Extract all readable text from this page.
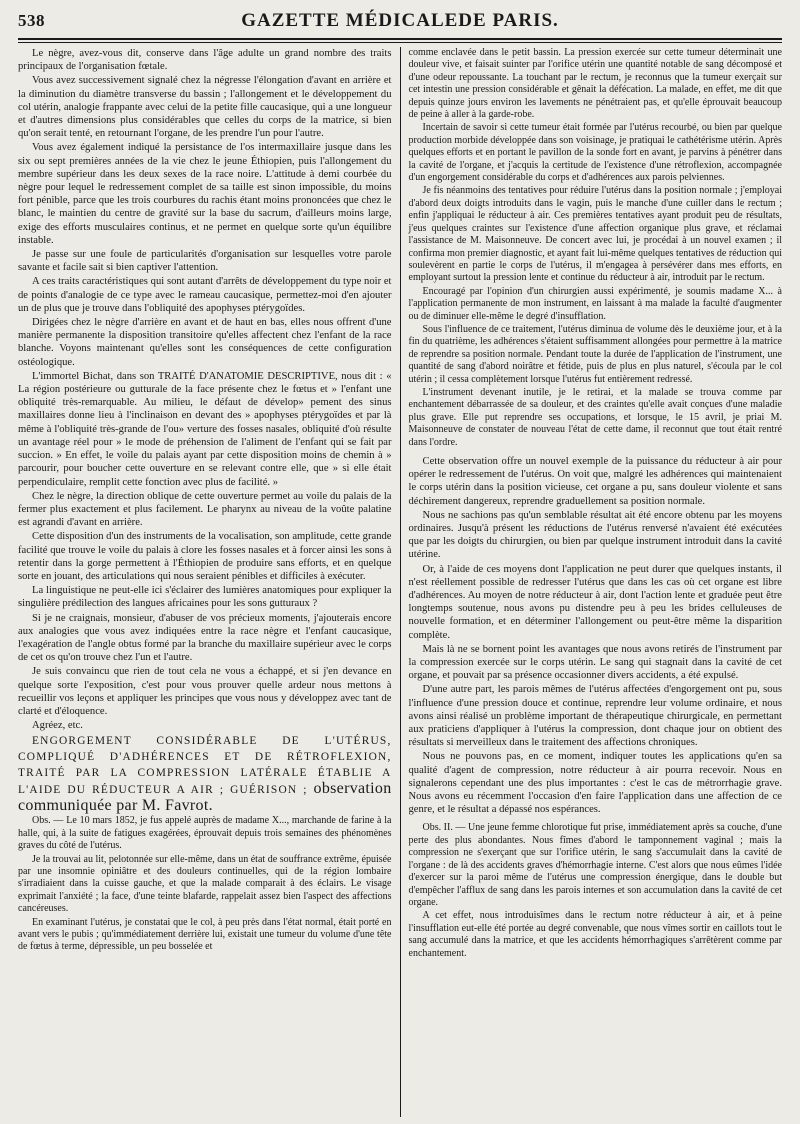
538	GAZETTE MÉDICALEDE PARIS.

Le nègre, avez-vous dit, conserve dans l'âge adulte un grand nombre des traits principaux de l'organisation fœtale.

Vous avez successivement signalé chez la négresse l'élongation d'avant en arrière et la diminution du diamètre transverse du bassin ; l'allongement et le développement du col utérin, analogie frappante avec celui de la petite fille caucasique, qui a une longueur et d'autres dimensions plus considérables que celles du corps de la matrice, si bien qu'on serait tenté, en retournant l'organe, de les prendre l'un pour l'autre.

Vous avez également indiqué la persistance de l'os intermaxillaire jusque dans les six ou sept premières années de la vie chez le jeune Éthiopien, puis l'allongement du membre supérieur dans les deux sexes de la race noire. L'attitude à demi courbée du nègre pour lequel le redressement complet de sa taille est sinon impossible, du moins fort pénible, parce que les trois courbures du rachis étant moins prononcées que chez le blanc, le maintien du centre de gravité sur la base du sacrum, d'ailleurs moins large, exige des efforts musculaires continus, et ne permet en quelque sorte qu'un équilibre instable.

Je passe sur une foule de particularités d'organisation sur lesquelles votre parole savante et facile sait si bien captiver l'attention.

A ces traits caractéristiques qui sont autant d'arrêts de développement du type noir et de points d'analogie de ce type avec le rameau caucasique, permettez-moi d'en ajouter un de plus que je trouve dans l'obliquité des apophyses ptérygoïdes.

Dirigées chez le nègre d'arrière en avant et de haut en bas, elles nous offrent d'une manière permanente la disposition transitoire qu'elles affectent chez l'enfant de la race blanche. Voyons maintenant qu'elles sont les conséquences de cette configuration ostéologique.

L'immortel Bichat, dans son TRAITÉ D'ANATOMIE DESCRIPTIVE, nous dit : « La région postérieure ou gutturale de la face présente chez le fœtus et » l'enfant une obliquité très-remarquable. Au milieu, le défaut de dévelop» pement des sinus maxillaires donne lieu à l'inclinaison en devant des » apophyses ptérygoïdes et par là même à l'obliquité très-grande de l'ou» verture des fosses nasales, obliquité d'où résulte un avantage réel pour » le mode de préhension de l'aliment de l'enfant qui se fait par succion. » En effet, le voile du palais ayant par cette disposition moins de chemin à » parcourir, pour boucher cette ouverture en se relevant contre elle, que » si elle était perpendiculaire, remplit cette fonction avec plus de facilité. »

Chez le nègre, la direction oblique de cette ouverture permet au voile du palais de la fermer plus exactement et plus facilement. Le pharynx au niveau de la voûte palatine est agrandi d'avant en arrière.

Cette disposition d'un des instruments de la vocalisation, son amplitude, cette grande facilité que trouve le voile du palais à clore les fosses nasales et à forcer ainsi les sons à retentir dans la gorge permettent à l'Éthiopien de produire sans efforts, et en quelque sorte en jouant, des articulations qui nous seraient pénibles et difficiles à exécuter.

La linguistique ne peut-elle ici s'éclairer des lumières anatomiques pour expliquer la singulière prédilection des langues africaines pour les sons gutturaux ?

Si je ne craignais, monsieur, d'abuser de vos précieux moments, j'ajouterais encore aux analogies que vous avez indiquées entre la race nègre et l'enfant caucasique, l'exagération de l'angle obtus formé par la branche du maxillaire supérieur avec le corps de cet os qu'on trouve chez l'un et l'autre.

Je suis convaincu que rien de tout cela ne vous a échappé, et si j'en devance en quelque sorte l'exposition, c'est pour vous prouver quelle ardeur nous mettons à recueillir vos leçons et appliquer les principes que vous nous y développez avec tant de clarté et d'éloquence.

Agréez, etc.

ENGORGEMENT CONSIDÉRABLE DE L'UTÉRUS, COMPLIQUÉ D'ADHÉRENCES ET DE RÉTROFLEXION, TRAITÉ PAR LA COMPRESSION LATÉRALE ÉTABLIE A L'AIDE DU RÉDUCTEUR A AIR ; GUÉRISON ; observation communiquée par M. Favrot.

Obs. — Le 10 mars 1852, je fus appelé auprès de madame X..., marchande de farine à la halle, qui, à la suite de fatigues exagérées, éprouvait depuis trois semaines des phénomènes graves du côté de l'utérus.

Je la trouvai au lit, pelotonnée sur elle-même, dans un état de souffrance extrême, épuisée par une insomnie opiniâtre et des douleurs continuelles, qui de la région lombaire s'irradiaient dans la cuisse gauche, et que la malade comparait à des éclairs. Le visage exprimait l'anxiété ; la face, d'une teinte blafarde, rappelait assez bien l'aspect des affections cancéreuses.

En examinant l'utérus, je constatai que le col, à peu près dans l'état normal, était porté en avant vers le pubis ; qu'immédiatement derrière lui, existait une tumeur du volume d'une tête de fœtus à terme, dépressible, un peu bosselée et

comme enclavée dans le petit bassin. La pression exercée sur cette tumeur déterminait une douleur vive, et faisait suinter par l'orifice utérin une quantité notable de sang décomposé et d'une odeur repoussante. La touchant par le rectum, je reconnus que la tumeur exerçait sur cet intestin une pression considérable et gênait la défécation. La malade, en effet, me dit que depuis quinze jours environ les lavements ne pénétraient pas, et qu'elle éprouvait beaucoup de peine à aller à la garde-robe.

Incertain de savoir si cette tumeur était formée par l'utérus recourbé, ou bien par quelque production morbide développée dans son voisinage, je pratiquai le cathétérisme utérin. Après quelques efforts et en portant le pavillon de la sonde fort en avant, je parvins à pénétrer dans la cavité de l'organe, et j'acquis la certitude de l'existence d'une rétroflexion, accompagnée d'un engorgement considérable du corps et d'adhérences aux parois pelviennes.

Je fis néanmoins des tentatives pour réduire l'utérus dans la position normale ; j'employai d'abord deux doigts introduits dans le vagin, puis le manche d'une cuiller dans le rectum ; enfin j'appliquai le réducteur à air. Ces premières tentatives ayant produit peu de résultats, j'eus quelques craintes sur l'existence d'une affection organique plus grave, et réclamai l'assistance de M. Maisonneuve. De concert avec lui, je procédai à un nouvel examen ; il confirma mon premier diagnostic, et ayant fait lui-même quelques tentatives de réduction qui soulevèrent en partie le corps de l'utérus, il m'engagea à persévérer dans mes efforts, en employant surtout la pression lente et continue du réducteur à air, introduit par le rectum.

Encouragé par l'opinion d'un chirurgien aussi expérimenté, je soumis madame X... à l'application permanente de mon instrument, en laissant à ma malade la faculté d'augmenter ou de diminuer elle-même le degré d'insufflation.

Sous l'influence de ce traitement, l'utérus diminua de volume dès le deuxième jour, et à la fin du quatrième, les adhérences s'étaient suffisamment allongées pour permettre à la matrice de reprendre sa position normale. Pendant toute la durée de l'application de l'instrument, une quantité de sang d'abord noirâtre et fétide, puis de plus en plus naturel, s'écoula par le col utérin ; il cessa complètement lorsque l'utérus fut entièrement redressé.

L'instrument devenant inutile, je le retirai, et la malade se trouva comme par enchantement débarrassée de sa douleur, et des craintes qu'elle avait conçues d'une maladie plus grave. Elle put reprendre ses occupations, et lorsque, le 15 avril, je priai M. Maisonneuve de constater de nouveau l'état de cette dame, il reconnut que tout était rentré dans l'ordre.

Cette observation offre un nouvel exemple de la puissance du réducteur à air pour opérer le redressement de l'utérus. On voit que, malgré les adhérences qui maintenaient le corps utérin dans la position vicieuse, cet organe a pu, sans douleur violente et sans déchirement dangereux, reprendre graduellement sa position normale.

Nous ne sachions pas qu'un semblable résultat ait été encore obtenu par les moyens ordinaires. Jusqu'à présent les réductions de l'utérus renversé n'avaient été exécutées que par les doigts du chirurgien, ou bien par quelque instrument introduit dans la cavité utérine.

Or, à l'aide de ces moyens dont l'application ne peut durer que quelques instants, il n'est réellement possible de redresser l'utérus que dans les cas où cet organe est libre d'adhérences. Au moyen de notre réducteur à air, dont l'action lente et graduée peut être longtemps soutenue, nous avons pu distendre peu à peu les brides celluleuses de nouvelle formation, et en déterminer l'allongement ou peut-être même la disparition complète.

Mais là ne se bornent point les avantages que nous avons retirés de l'instrument par la compression exercée sur le corps utérin. Le sang qui stagnait dans la cavité de cet organe, et pouvait par sa présence occasionner divers accidents, a été expulsé.

D'une autre part, les parois mêmes de l'utérus affectées d'engorgement ont pu, sous l'influence d'une pression douce et continue, reprendre leur volume ordinaire, et nous avons ainsi réalisé un problème important de thérapeutique chirurgicale, en permettant aux praticiens d'appliquer à l'utérus la compression, dont chaque jour on obtient des résultats si merveilleux dans le traitement des affections chroniques.

Nous ne pouvons pas, en ce moment, indiquer toutes les applications qu'en sa qualité d'agent de compression, notre réducteur à air pourra recevoir. Nous en signalerons cependant une des plus importantes : c'est le cas de métrorrhagie grave. Nous avons eu récemment l'occasion d'en faire l'application dans une affection de ce genre, et le résultat a dépassé nos espérances.

Obs. II. — Une jeune femme chlorotique fut prise, immédiatement après sa couche, d'une perte des plus abondantes. Nous fîmes d'abord le tamponnement vaginal ; mais la compression ne s'exerçant que sur l'orifice utérin, le sang s'accumulait dans la cavité de l'organe : de là des accidents graves d'hémorrhagie interne. C'est alors que nous eûmes l'idée d'exercer sur la paroi même de l'utérus une compression énergique, dans le double but d'empêcher l'afflux de sang dans les parois internes et son accumulation dans la cavité de cet organe.

A cet effet, nous introduisîmes dans le rectum notre réducteur à air, et à peine l'insufflation eut-elle été portée au degré convenable, que nous vîmes sortir en caillots tout le sang accumulé dans la matrice, et que les accidents hémorrhagiques s'arrêtèrent comme par enchantement.
